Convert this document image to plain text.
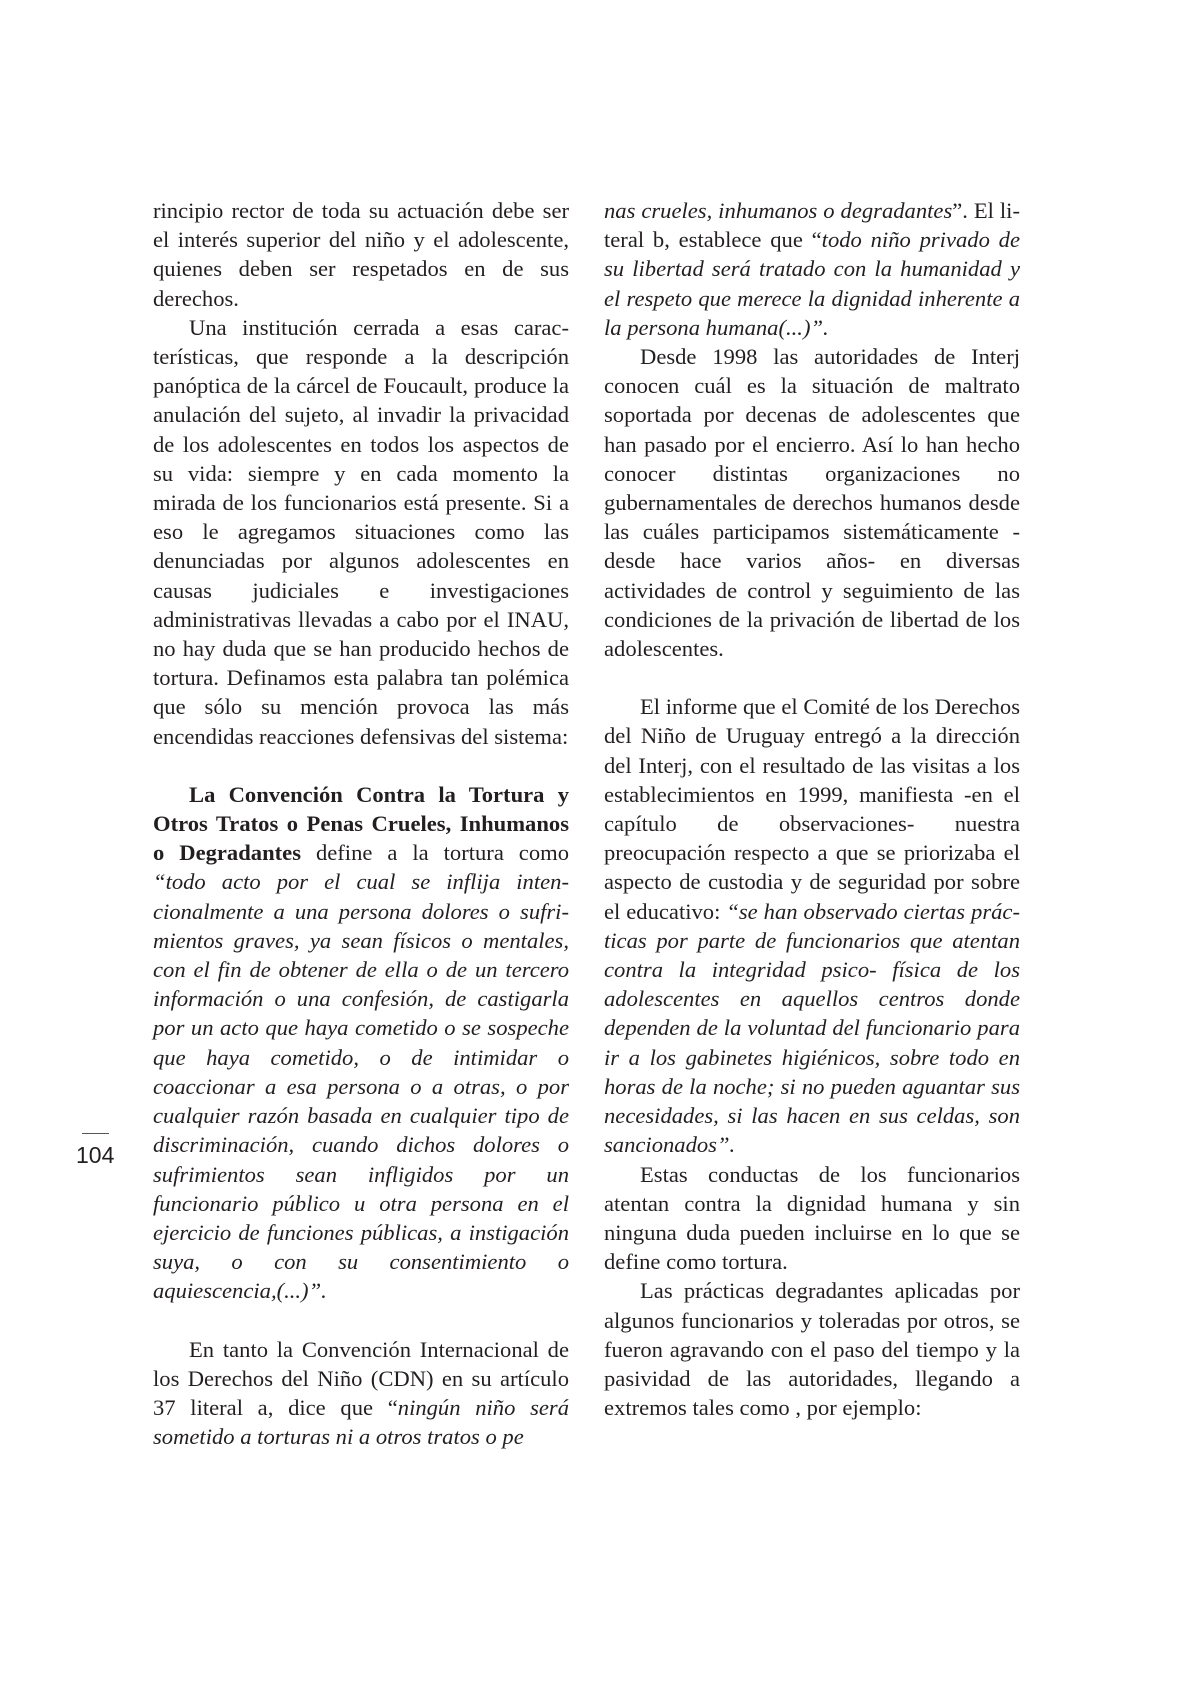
rincipio rector de toda su actuación debe ser el interés superior del niño y el adolescente, quienes deben ser respetados en de sus derechos.

Una institución cerrada a esas características, que responde a la descripción panóptica de la cárcel de Foucault, produce la anulación del sujeto, al invadir la privacidad de los adolescentes en todos los aspectos de su vida: siempre y en cada momento la mirada de los funcionarios está presente. Si a eso le agregamos situaciones como las denunciadas por algunos adolescentes en causas judiciales e investigaciones administrativas llevadas a cabo por el INAU, no hay duda que se han producido hechos de tortura. Definamos esta palabra tan polémica que sólo su mención provoca las más encendidas reacciones defensivas del sistema:

La Convención Contra la Tortura y Otros Tratos o Penas Crueles, Inhumanos o Degradantes define a la tortura como “todo acto por el cual se inflija intencionalmente a una persona dolores o sufrimientos graves, ya sean físicos o mentales, con el fin de obtener de ella o de un tercero información o una confesión, de castigarla por un acto que haya cometido o se sospeche que haya cometido, o de intimidar o coaccionar a esa persona o a otras, o por cualquier razón basada en cualquier tipo de discriminación, cuando dichos dolores o sufrimientos sean infligidos por un funcionario público u otra persona en el ejercicio de funciones públicas, a instigación suya, o con su consentimiento o aquiescencia,(...)”.

En tanto la Convención Internacional de los Derechos del Niño (CDN) en su artículo 37 literal a, dice que “ningún niño será sometido a torturas ni a otros tratos o pe

nas crueles, inhumanos o degradantes”. El literal b, establece que “todo niño privado de su libertad será tratado con la humanidad y el respeto que merece la dignidad inherente a la persona humana(...)”.

Desde 1998 las autoridades de Interj conocen cuál es la situación de maltrato soportada por decenas de adolescentes que han pasado por el encierro. Así lo han hecho conocer distintas organizaciones no gubernamentales de derechos humanos desde las cuáles participamos sistemáticamente -desde hace varios años- en diversas actividades de control y seguimiento de las condiciones de la privación de libertad de los adolescentes.

El informe que el Comité de los Derechos del Niño de Uruguay entregó a la dirección del Interj, con el resultado de las visitas a los establecimientos en 1999, manifiesta -en el capítulo de observaciones- nuestra preocupación respecto a que se priorizaba el aspecto de custodia y de seguridad por sobre el educativo: “se han observado ciertas prácticas por parte de funcionarios que atentan contra la integridad psico- física de los adolescentes en aquellos centros donde dependen de la voluntad del funcionario para ir a los gabinetes higiénicos, sobre todo en horas de la noche; si no pueden aguantar sus necesidades, si las hacen en sus celdas, son sancionados”.

Estas conductas de los funcionarios atentan contra la dignidad humana y sin ninguna duda pueden incluirse en lo que se define como tortura.

Las prácticas degradantes aplicadas por algunos funcionarios y toleradas por otros, se fueron agravando con el paso del tiempo y la pasividad de las autoridades, llegando a extremos tales como , por ejemplo:

104
